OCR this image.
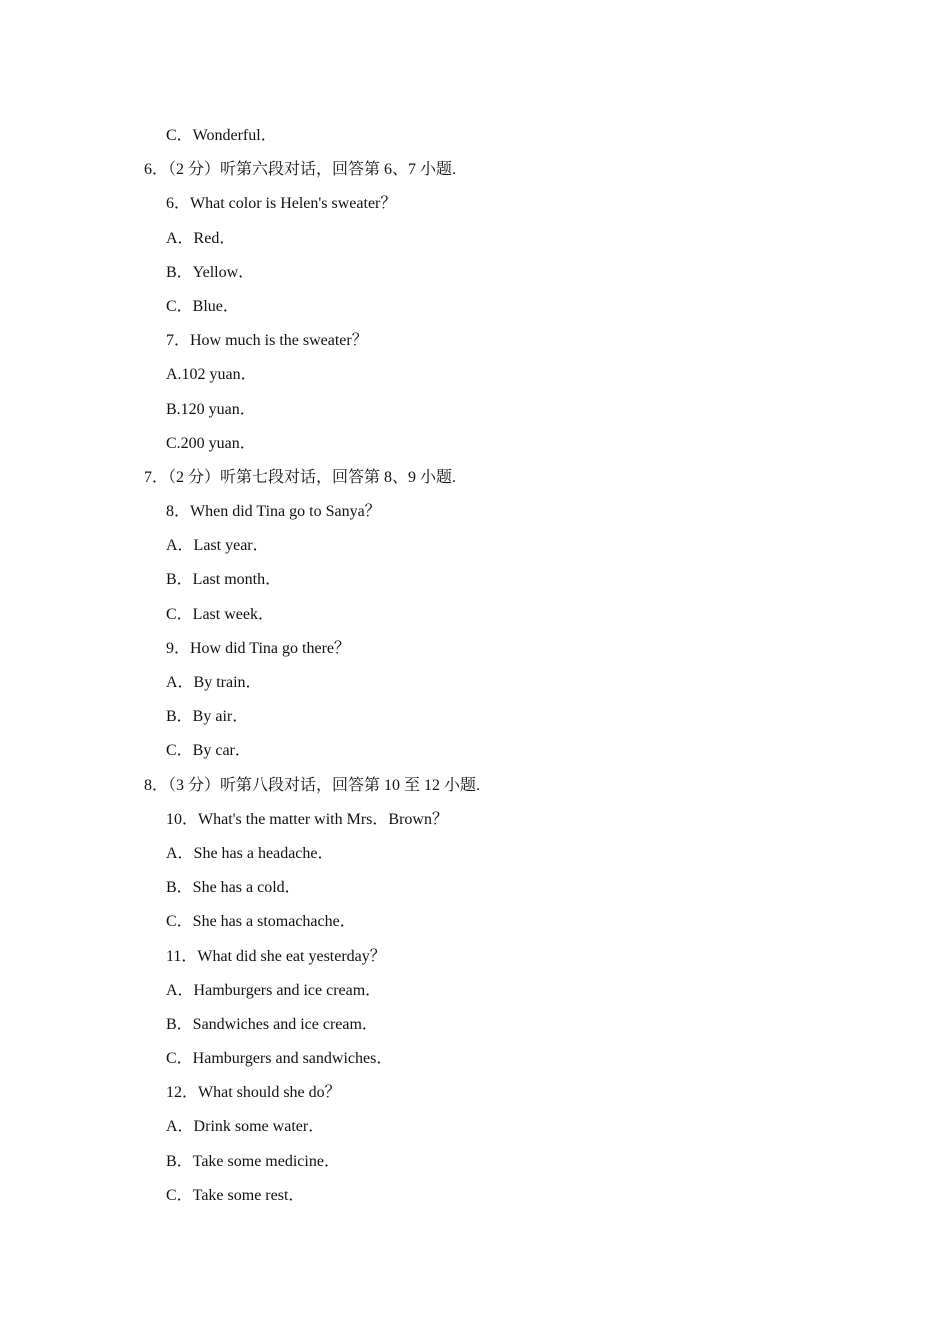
C．Wonderful．
6．（2 分）听第六段对话，回答第 6、7 小题.
6．What color is Helen's sweater？
A．Red．
B．Yellow．
C．Blue．
7．How much is the sweater？
A.102 yuan．
B.120 yuan．
C.200 yuan．
7．（2 分）听第七段对话，回答第 8、9 小题.
8．When did Tina go to Sanya？
A．Last year．
B．Last month．
C．Last week．
9．How did Tina go there？
A．By train．
B．By air．
C．By car．
8．（3 分）听第八段对话，回答第 10 至 12 小题.
10．What's the matter with Mrs．Brown？
A．She has a headache．
B．She has a cold．
C．She has a stomachache．
11．What did she eat yesterday？
A．Hamburgers and ice cream．
B．Sandwiches and ice cream．
C．Hamburgers and sandwiches．
12．What should she do？
A．Drink some water．
B．Take some medicine．
C．Take some rest．
